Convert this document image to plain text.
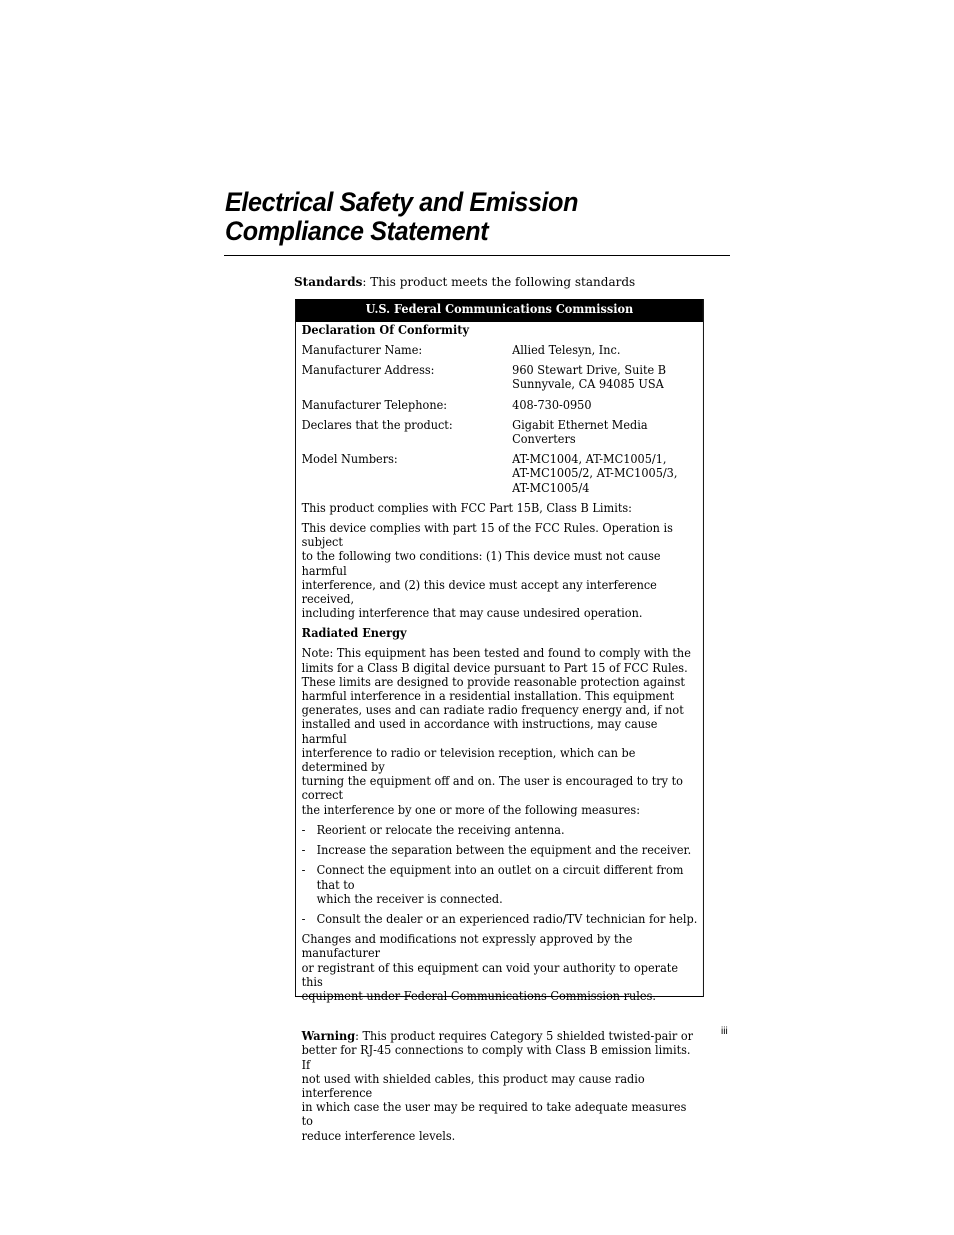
Electrical Safety and Emission Compliance Statement
Standards: This product meets the following standards
U.S. Federal Communications Commission
Declaration Of Conformity
Manufacturer Name:	Allied Telesyn, Inc.
Manufacturer Address:	960 Stewart Drive, Suite B
Sunnyvale, CA 94085 USA
Manufacturer Telephone:	408-730-0950
Declares that the product:	Gigabit Ethernet Media
Converters
Model Numbers:	AT-MC1004, AT-MC1005/1,
AT-MC1005/2, AT-MC1005/3,
AT-MC1005/4
This product complies with FCC Part 15B, Class B Limits:
This device complies with part 15 of the FCC Rules. Operation is subject
to the following two conditions: (1) This device must not cause harmful
interference, and (2) this device must accept any interference received,
including interference that may cause undesired operation.
Radiated Energy
Note: This equipment has been tested and found to comply with the
limits for a Class B digital device pursuant to Part 15 of FCC Rules.
These limits are designed to provide reasonable protection against
harmful interference in a residential installation. This equipment
generates, uses and can radiate radio frequency energy and, if not
installed and used in accordance with instructions, may cause harmful
interference to radio or television reception, which can be determined by
turning the equipment off and on. The user is encouraged to try to correct
the interference by one or more of the following measures:
- Reorient or relocate the receiving antenna.
- Increase the separation between the equipment and the receiver.
- Connect the equipment into an outlet on a circuit different from that to
which the receiver is connected.
- Consult the dealer or an experienced radio/TV technician for help.
Changes and modifications not expressly approved by the manufacturer
or registrant of this equipment can void your authority to operate this
equipment under Federal Communications Commission rules.
Warning: This product requires Category 5 shielded twisted-pair or
better for RJ-45 connections to comply with Class B emission limits. If
not used with shielded cables, this product may cause radio interference
in which case the user may be required to take adequate measures to
reduce interference levels.
iii
